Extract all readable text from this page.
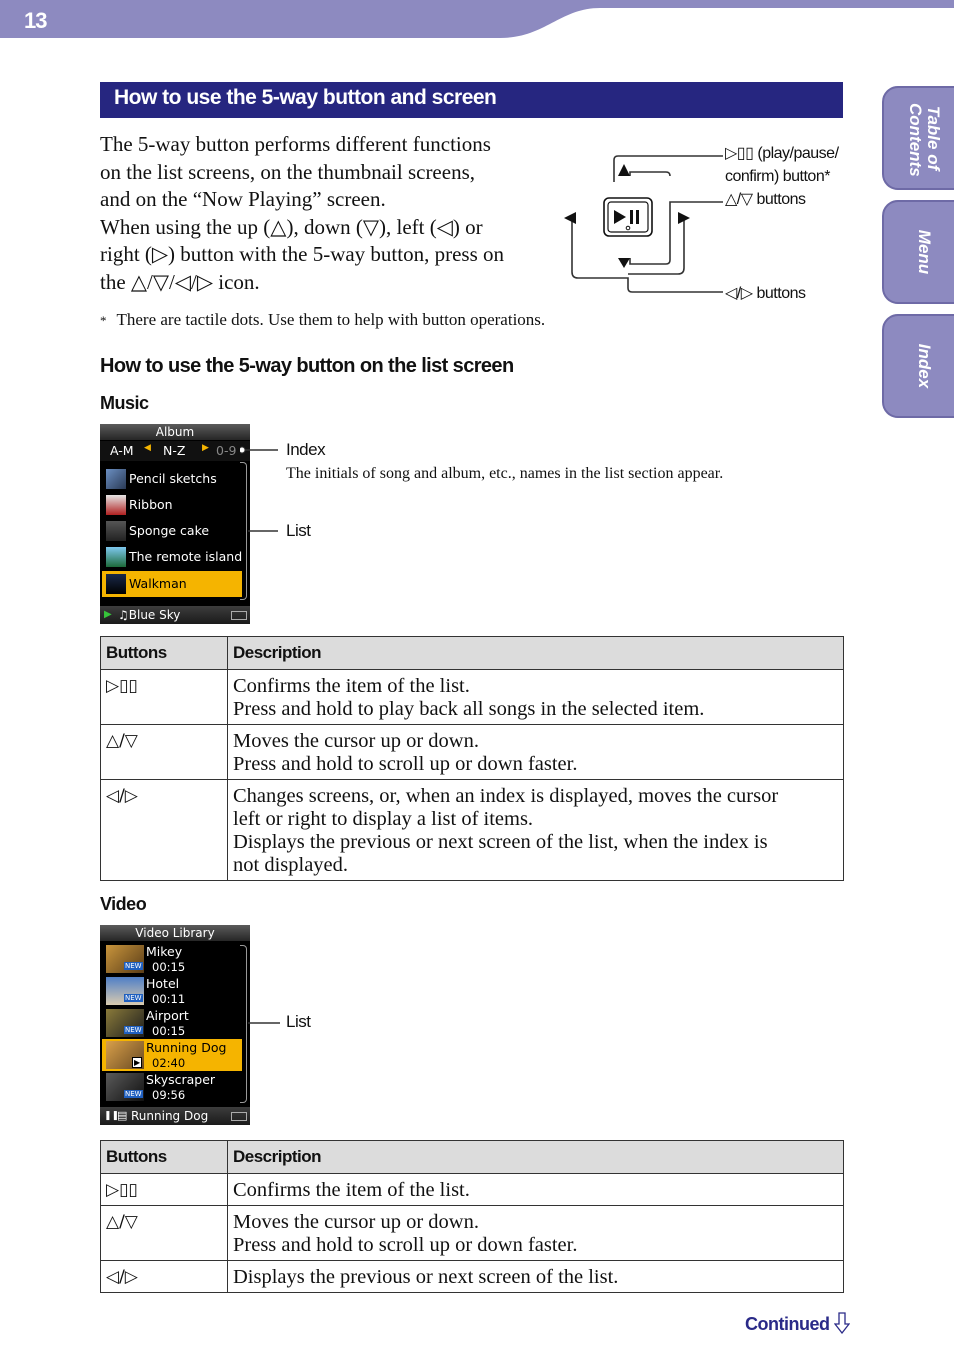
13
Table of Contents
Menu
Index
How to use the 5-way button and screen
The 5-way button performs different functions
on the list screens, on the thumbnail screens,
and on the “Now Playing” screen.
When using the up (△), down (▽), left (◁) or
right (▷) button with the 5-way button, press on
the △/▽/◁/▷ icon.
▷▯▯ (play/pause/
confirm) button*
△/▽ buttons
◁/▷ buttons
* There are tactile dots. Use them to help with button operations.
How to use the 5-way button on the list screen
Music
Album
A-M ◀ N-Z ▶ 0-9
Pencil sketchs
Ribbon
Sponge cake
The remote island
Walkman
▶ ♫Blue Sky
Index
The initials of song and album, etc., names in the list section appear.
List
Buttons	Description
▷▯▯	Confirms the item of the list.
Press and hold to play back all songs in the selected item.

△/▽	Moves the cursor up or down.
Press and hold to scroll up or down faster.

◁/▷	Changes screens, or, when an index is displayed, moves the cursor
left or right to display a list of items.
Displays the previous or next screen of the list, when the index is
not displayed.
Video
Video Library
Mikey
NEW 00:15
Hotel
NEW 00:11
Airport
NEW 00:15
Running Dog
▶ 02:40
Skyscraper
NEW 09:56
❚❚
▤ Running Dog
List
Buttons	Description
▷▯▯	Confirms the item of the list.

△/▽	Moves the cursor up or down.
Press and hold to scroll up or down faster.

◁/▷	Displays the previous or next screen of the list.
Continued
